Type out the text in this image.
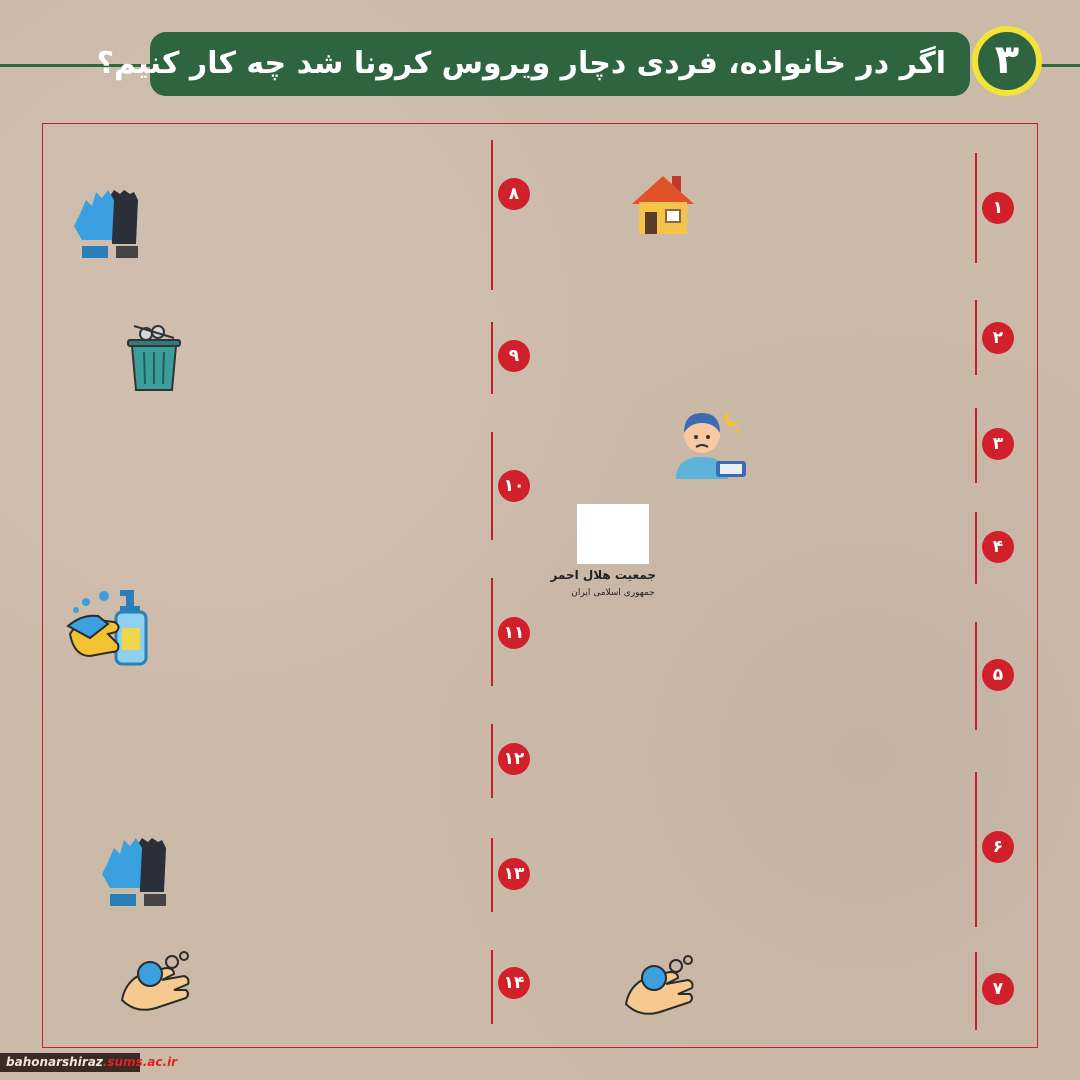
اگر در خانواده، فردی دچار ویروس کرونا شد چه کار کنیم؟	۳
۱
۲
۳
۴
جمعیت هلال احمر
جمهوری اسلامی ایران
۵
۶
۷
۸
۹
۱۰
۱۱
۱۲
۱۳
۱۴
bahonarshiraz.sums.ac.ir
